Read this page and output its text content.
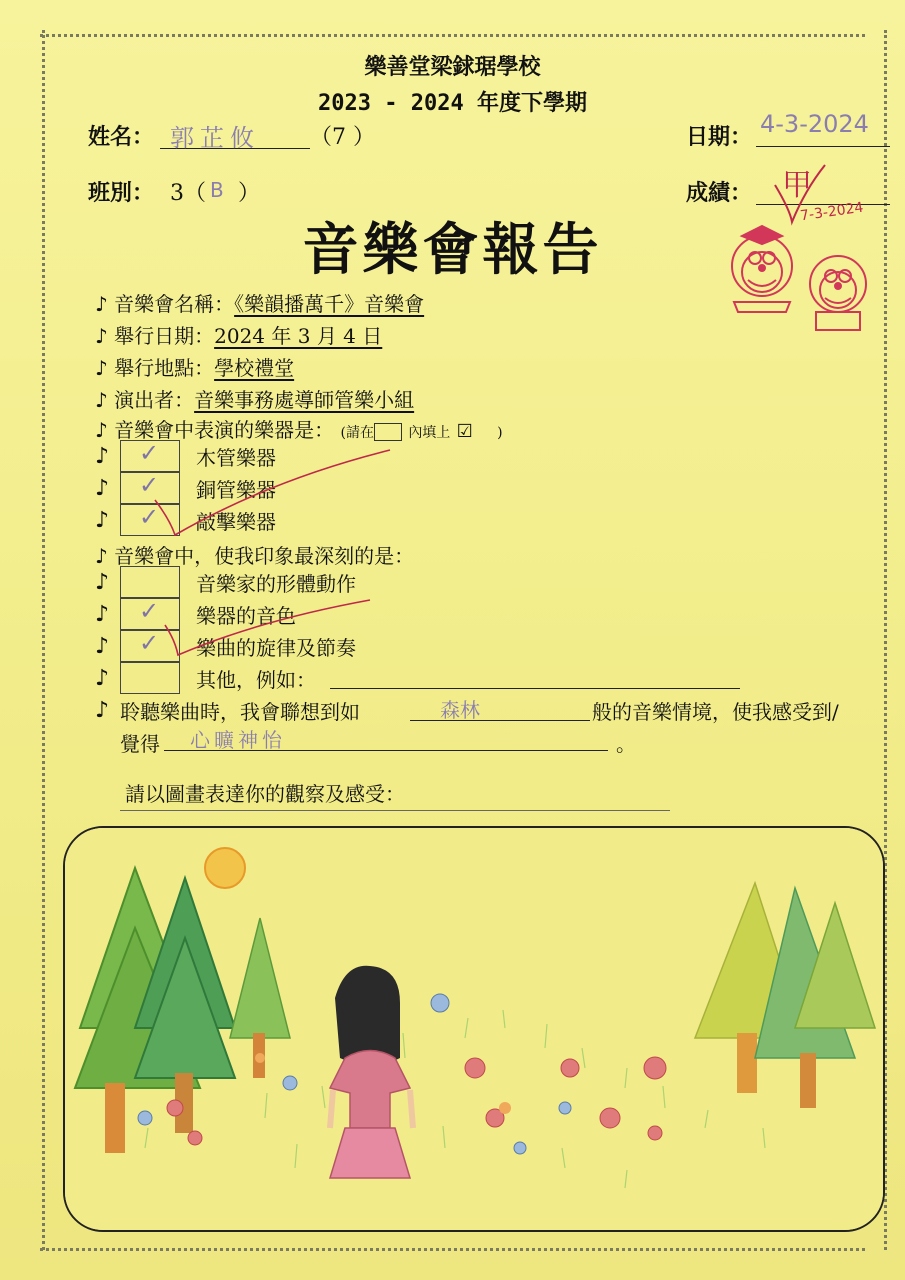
樂善堂梁銶琚學校
2023 - 2024 年度下學期
姓名： 郭芷攸 （7 ）	日期： 4-3-2024
班別： 3（ B ）	成績： 甲
7-3-2024
音樂會報告
♪ 音樂會名稱：《樂韻播萬千》音樂會
♪ 舉行日期：2024 年 3 月 4 日
♪ 舉行地點：學校禮堂
♪ 演出者：音樂事務處導師管樂小組
♪ 音樂會中表演的樂器是： (請在 內填上 ☑ )
♪ ✓ 木管樂器
♪ ✓ 銅管樂器
♪ ✓ 敲擊樂器
♪ 音樂會中，使我印象最深刻的是：
♪	音樂家的形體動作
♪ ✓ 樂器的音色
♪ ✓ 樂曲的旋律及節奏
♪	其他，例如：
♪ 聆聽樂曲時，我會聯想到如	森林	般的音樂情境，使我感受到/
覺得 心曠神怡	。
請以圖畫表達你的觀察及感受：
